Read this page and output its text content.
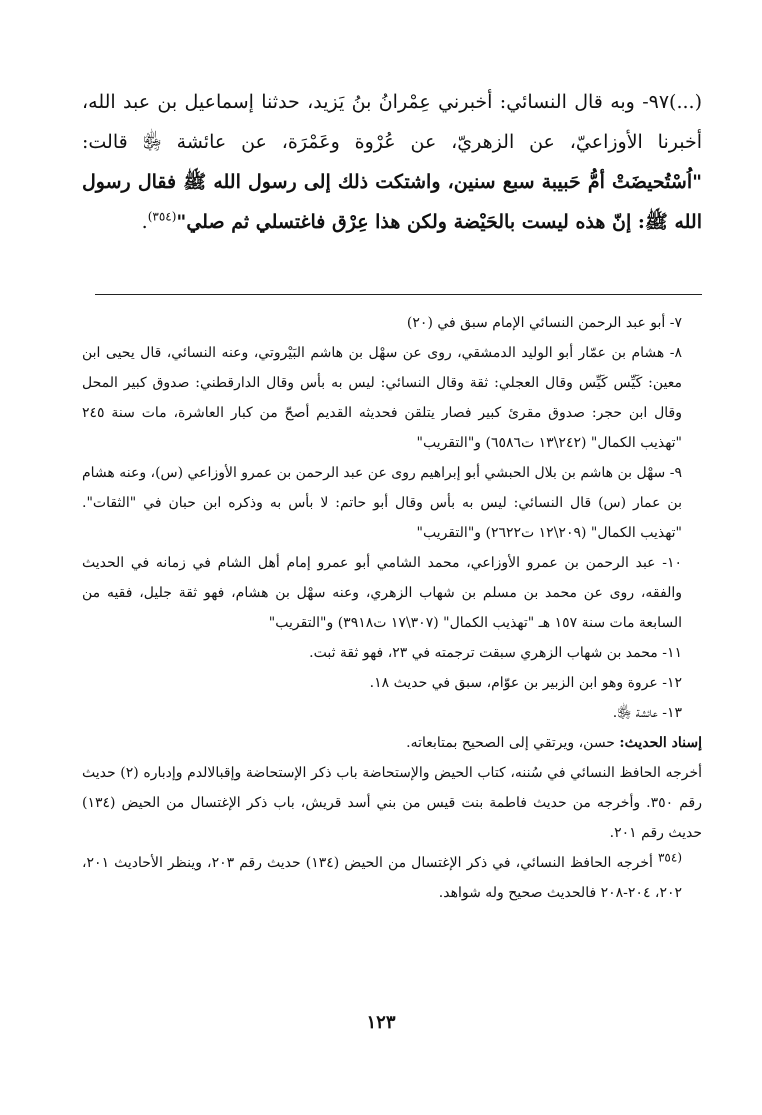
(...)٩٧- وبه قال النسائي: أخبرني عِمْرانُ بنُ يَزيد، حدثنا إسماعيل بن عبد الله، أخبرنا الأوزاعيّ، عن الزهريّ، عن عُرْوة وعَمْرَة، عن عائشة ﵂ قالت: "اُسْتُحيضَتْ أمُّ حَبيبة سبع سنين، واشتكت ذلك إلى رسول الله ﷺ فقال رسول الله ﷺ: إنّ هذه ليست بالحَيْضة ولكن هذا عِرْق فاغتسلي ثم صلي"$^{(٣٥٤)}$.

٧- أبو عبد الرحمن النسائي الإمام سبق في (٢٠)

٨- هشام بن عمّار أبو الوليد الدمشقي، روى عن سهْل بن هاشم البَيْروتي، وعنه النسائي، قال يحيى ابن معين: كَيِّس كَيِّس وقال العجلي: ثقة وقال النسائي: ليس به بأس وقال الدارقطني: صدوق كبير المحل وقال ابن حجر: صدوق مقرئ كبير فصار يتلقن فحديثه القديم أصحّ من كبار العاشرة، مات سنة ٢٤٥ "تهذيب الكمال" (٢٤٢\١٣ ت٦٥٨٦) و"التقريب"

٩- سهْل بن هاشم بن بلال الحبشي أبو إبراهيم روى عن عبد الرحمن بن عمرو الأوزاعي (س)، وعنه هشام بن عمار (س) قال النسائي: ليس به بأس وقال أبو حاتم: لا بأس به وذكره ابن حبان في "الثقات". "تهذيب الكمال" (٢٠٩\١٢ ت٢٦٢٢) و"التقريب"

١٠- عبد الرحمن بن عمرو الأوزاعي، محمد الشامي أبو عمرو إمام أهل الشام في زمانه في الحديث والفقه، روى عن محمد بن مسلم بن شهاب الزهري، وعنه سهْل بن هشام، فهو ثقة جليل، فقيه من السابعة مات سنة ١٥٧ هـ "تهذيب الكمال" (٣٠٧\١٧ ت٣٩١٨) و"التقريب"

١١- محمد بن شهاب الزهري سبقت ترجمته في ٢٣، فهو ثقة ثبت.

١٢- عروة وهو ابن الزبير بن عوّام، سبق في حديث ١٨.

١٣- عائشة ﵂.

إسناد الحديث: حسن، ويرتقي إلى الصحيح بمتابعاته.

أخرجه الحافظ النسائي في سُننه، كتاب الحيض والإستحاضة باب ذكر الإستحاضة وإقبالالدم وإدباره (٢) حديث رقم ٣٥٠. وأخرجه من حديث فاطمة بنت قيس من بني أسد قريش، باب ذكر الإغتسال من الحيض (١٣٤) حديث رقم ٢٠١.

$^{(٣٥٤}$ أخرجه الحافظ النسائي، في ذكر الإغتسال من الحيض (١٣٤) حديث رقم ٢٠٣، وينظر الأحاديث ٢٠١، ٢٠٢، ٢٠٤-٢٠٨ فالحديث صحيح وله شواهد.

١٢٣
